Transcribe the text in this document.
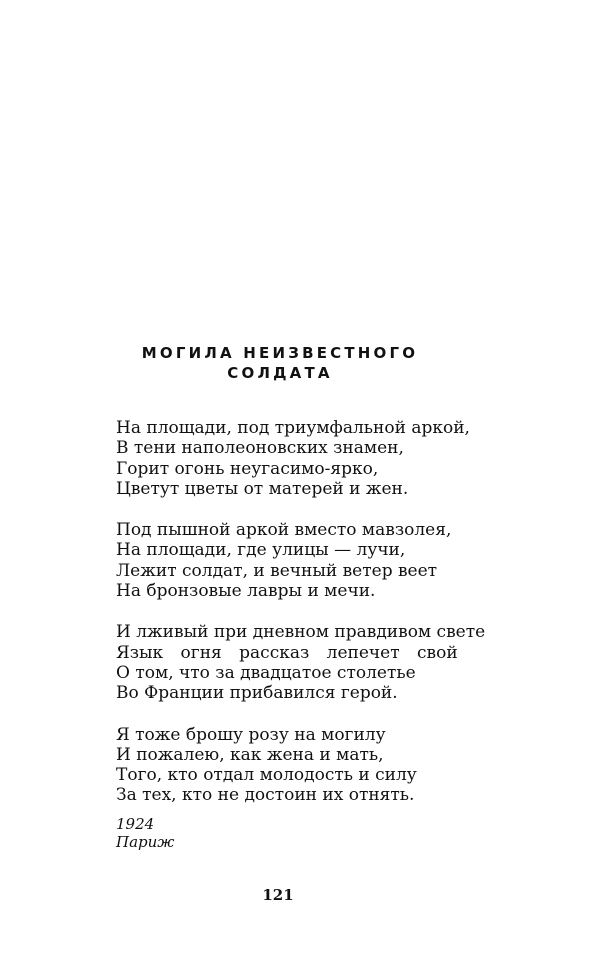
МОГИЛА НЕИЗВЕСТНОГО
СОЛДАТА
На площади, под триумфальной аркой,
В тени наполеоновских знамен,
Горит огонь неугасимо-ярко,
Цветут цветы от матерей и жен.
Под пышной аркой вместо мавзолея,
На площади, где улицы — лучи,
Лежит солдат, и вечный ветер веет
На бронзовые лавры и мечи.
И лживый при дневном правдивом свете
Язык огня рассказ лепечет свой
О том, что за двадцатое столетье
Во Франции прибавился герой.
Я тоже брошу розу на могилу
И пожалею, как жена и мать,
Того, кто отдал молодость и силу
За тех, кто не достоин их отнять.
1924
Париж
121
